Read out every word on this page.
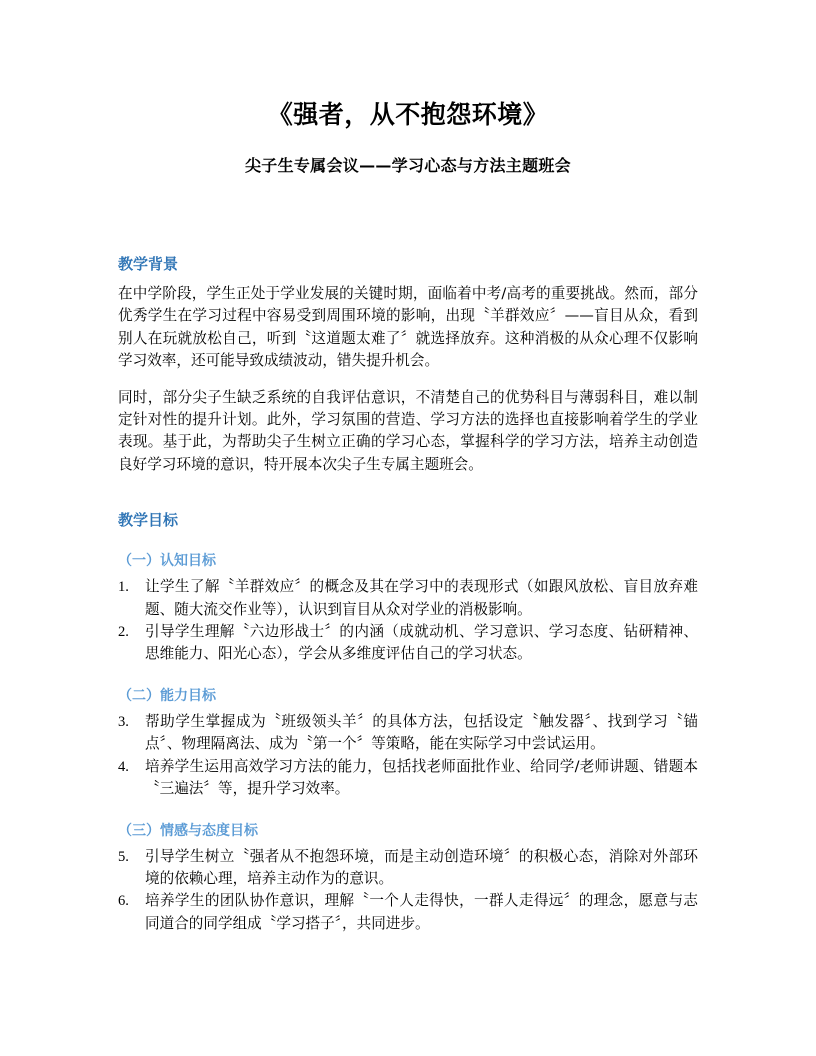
《强者，从不抱怨环境》
尖子生专属会议——学习心态与方法主题班会
教学背景

在中学阶段，学生正处于学业发展的关键时期，面临着中考/高考的重要挑战。然而，部分优秀学生在学习过程中容易受到周围环境的影响，出现〝羊群效应〞——盲目从众，看到别人在玩就放松自己，听到〝这道题太难了〞就选择放弃。这种消极的从众心理不仅影响学习效率，还可能导致成绩波动，错失提升机会。

同时，部分尖子生缺乏系统的自我评估意识，不清楚自己的优势科目与薄弱科目，难以制定针对性的提升计划。此外，学习氛围的营造、学习方法的选择也直接影响着学生的学业表现。基于此，为帮助尖子生树立正确的学习心态，掌握科学的学习方法，培养主动创造良好学习环境的意识，特开展本次尖子生专属主题班会。

教学目标
（一）认知目标
1.	让学生了解〝羊群效应〞的概念及其在学习中的表现形式（如跟风放松、盲目放弃难题、随大流交作业等），认识到盲目从众对学业的消极影响。
2.	引导学生理解〝六边形战士〞的内涵（成就动机、学习意识、学习态度、钻研精神、思维能力、阳光心态），学会从多维度评估自己的学习状态。
（二）能力目标
3.	帮助学生掌握成为〝班级领头羊〞的具体方法，包括设定〝触发器〞、找到学习〝锚点〞、物理隔离法、成为〝第一个〞等策略，能在实际学习中尝试运用。
4.	培养学生运用高效学习方法的能力，包括找老师面批作业、给同学/老师讲题、错题本〝三遍法〞等，提升学习效率。
（三）情感与态度目标
5.	引导学生树立〝强者从不抱怨环境，而是主动创造环境〞的积极心态，消除对外部环境的依赖心理，培养主动作为的意识。
6.	培养学生的团队协作意识，理解〝一个人走得快，一群人走得远〞的理念，愿意与志同道合的同学组成〝学习搭子〞，共同进步。
